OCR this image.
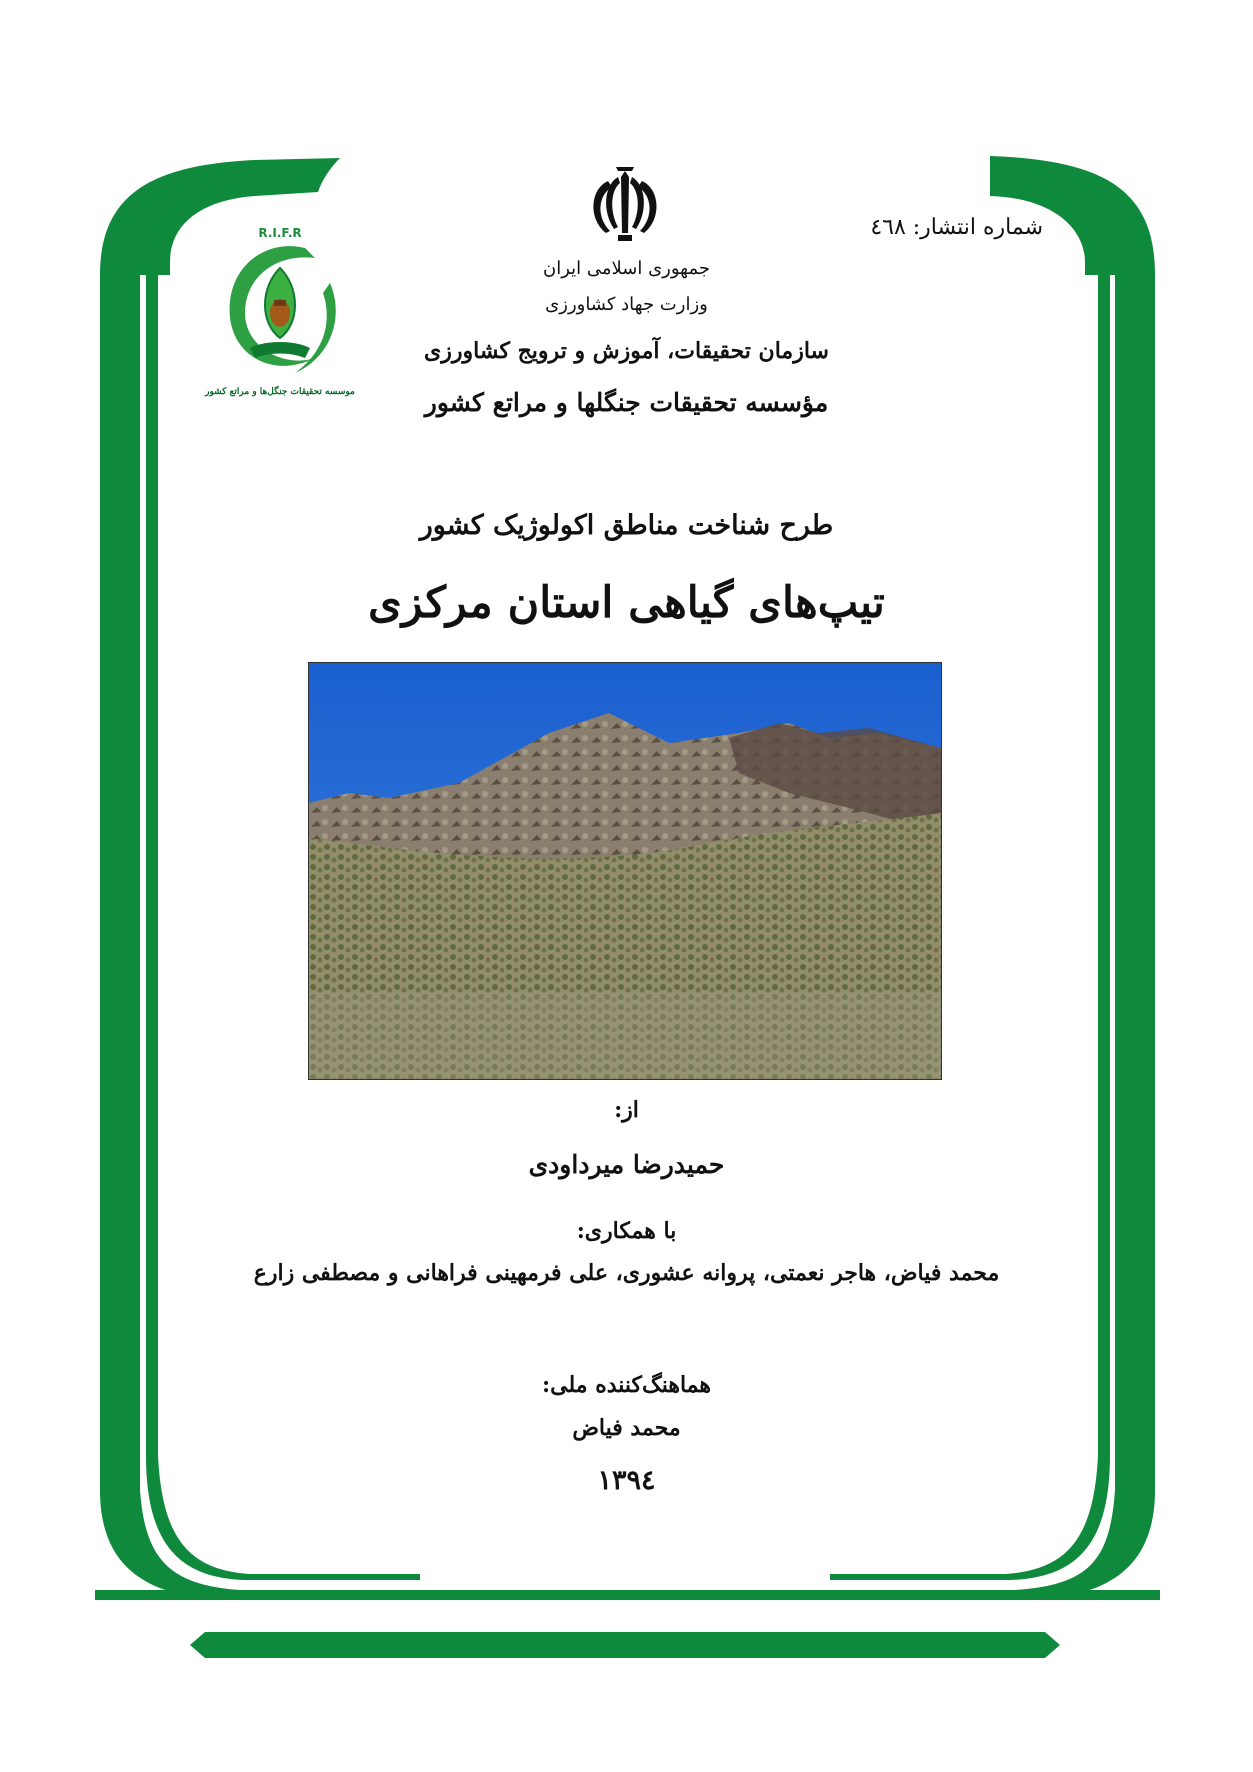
R.I.F.R
موسسه تحقیقات جنگل‌ها و مراتع کشور
شماره انتشار: ٤٦٨
جمهوری اسلامی ایران
وزارت جهاد کشاورزی
سازمان تحقیقات، آموزش و ترویج کشاورزی
مؤسسه تحقیقات جنگلها و مراتع کشور
طرح شناخت مناطق اکولوژیک کشور
تیپ‌های گیاهی استان مرکزی
از:
حمیدرضا میرداودی
با همکاری:
محمد فیاض، هاجر نعمتی، پروانه عشوری، علی فرمهینی فراهانی و مصطفی زارع
هماهنگ‌کننده ملی:
محمد فیاض
۱۳۹٤
